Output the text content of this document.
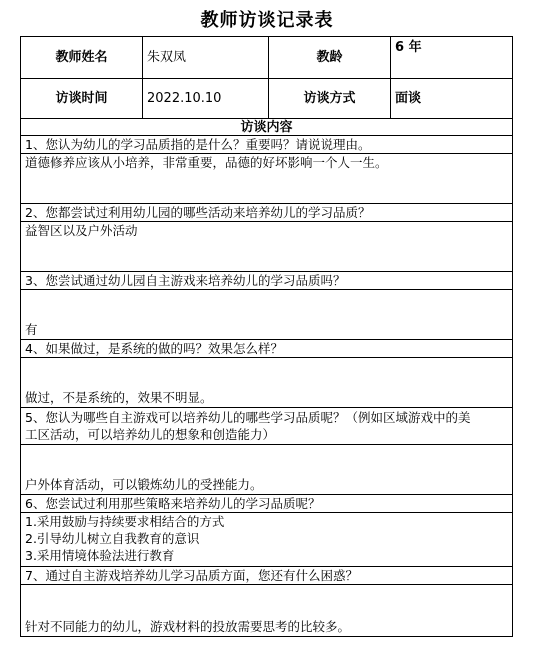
教师访谈记录表
教师姓名	朱双凤	教龄	6 年
访谈时间	2022.10.10	访谈方式	面谈
访谈内容			
1、您认为幼儿的学习品质指的是什么？重要吗？请说说理由。			
道德修养应该从小培养，非常重要，品德的好坏影响一个人一生。			
2、您都尝试过利用幼儿园的哪些活动来培养幼儿的学习品质？			
益智区以及户外活动			
3、您尝试通过幼儿园自主游戏来培养幼儿的学习品质吗？			
有			
4、如果做过，是系统的做的吗？效果怎么样？			
做过，不是系统的，效果不明显。			

5、您认为哪些自主游戏可以培养幼儿的哪些学习品质呢？（例如区域游戏中的美
工区活动，可以培养幼儿的想象和创造能力）			

户外体育活动，可以锻炼幼儿的受挫能力。			
6、您尝试过利用那些策略来培养幼儿的学习品质呢？			

1.采用鼓励与持续要求相结合的方式
2.引导幼儿树立自我教育的意识
3.采用情境体验法进行教育			

7、通过自主游戏培养幼儿学习品质方面，您还有什么困惑？			
针对不同能力的幼儿，游戏材料的投放需要思考的比较多。			
